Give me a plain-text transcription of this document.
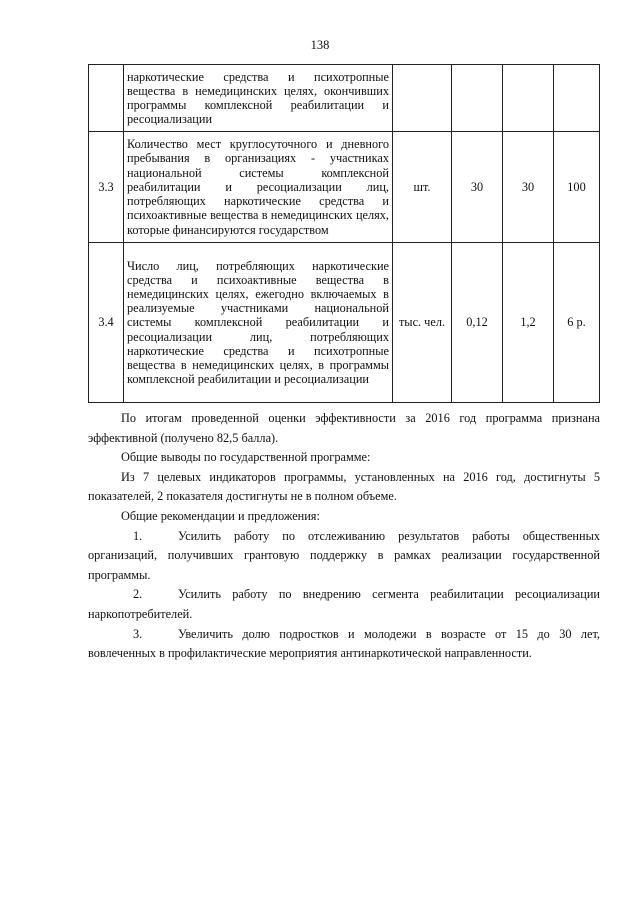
138
	наркотические средства и психотропные вещества в немедицинских целях, окончивших программы комплексной реабилитации и ресоциализации				
3.3	Количество мест круглосуточного и дневного пребывания в организациях - участниках национальной системы комплексной реабилитации и ресоциализации лиц, потребляющих наркотические средства и психоактивные вещества в немедицинских целях, которые финансируются государством	шт.	30	30	100
3.4	Число лиц, потребляющих наркотические средства и психоактивные вещества в немедицинских целях, ежегодно включаемых в реализуемые участниками национальной системы комплексной реабилитации и ресоциализации лиц, потребляющих наркотические средства и психотропные вещества в немедицинских целях, в программы комплексной реабилитации и ресоциализации	тыс. чел.	0,12	1,2	6 р.

По итогам проведенной оценки эффективности за 2016 год программа признана эффективной (получено 82,5 балла).

Общие выводы по государственной программе:

Из 7 целевых индикаторов программы, установленных на 2016 год, достигнуты 5 показателей, 2 показателя достигнуты не в полном объеме.

Общие рекомендации и предложения:

1.	Усилить работу по отслеживанию результатов работы общественных организаций, получивших грантовую поддержку в рамках реализации государственной программы.

2.	Усилить работу по внедрению сегмента реабилитации ресоциализации наркопотребителей.

3.	Увеличить долю подростков и молодежи в возрасте от 15 до 30 лет, вовлеченных в профилактические мероприятия антинаркотической направленности.
